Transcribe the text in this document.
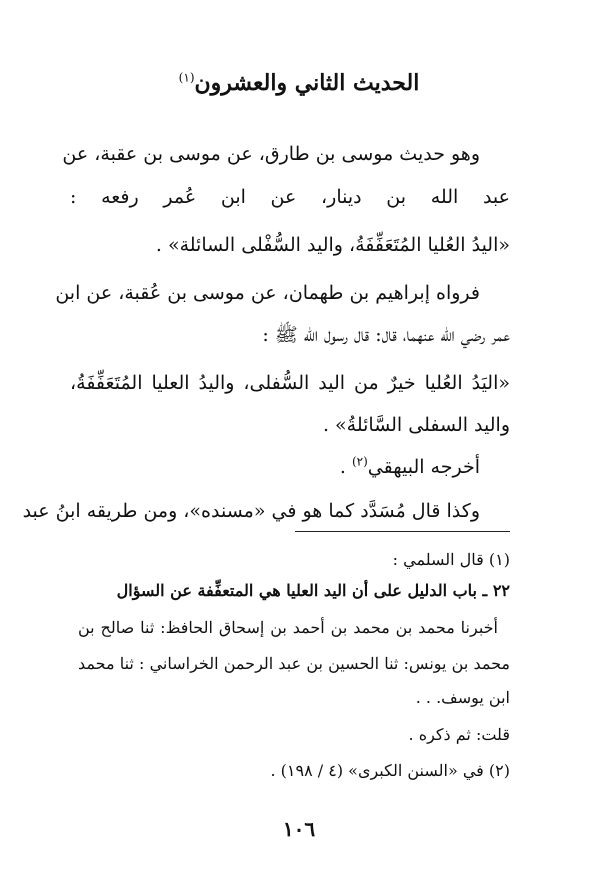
الحديث الثاني والعشرون$^{(١)}$
وهو حديث موسى بن طارق، عن موسى بن عقبة، عن
عبد الله بن دينار، عن ابن عُمر رفعه :
«اليدُ العُليا المُتَعَفِّفَةُ، واليد السُّفْلى السائلة» .
فرواه إبراهيم بن طهمان، عن موسى بن عُقبة، عن ابن
عمر رضي الله عنهما، قال: قال رسول الله ﷺ :
«اليَدُ العُليا خيرٌ من اليد السُّفلى، واليدُ العليا المُتَعَفِّفَةُ،
واليد السفلى السَّائلةُ» .
أخرجه البيهقي$^{(٢)}$ .
وكذا قال مُسَدَّد كما هو في «مسنده»، ومن طريقه ابنُ عبد
(١) قال السلمي :
٢٢ ـ باب الدليل على أن اليد العليا هي المتعفِّفة عن السؤال
أخبرنا محمد بن محمد بن أحمد بن إسحاق الحافظ: ثنا صالح بن
محمد بن يونس: ثنا الحسين بن عبد الرحمن الخراساني : ثنا محمد
ابن يوسف. . .
قلت: ثم ذكره .
(٢) في «السنن الكبرى» (٤ / ١٩٨) .
١٠٦
